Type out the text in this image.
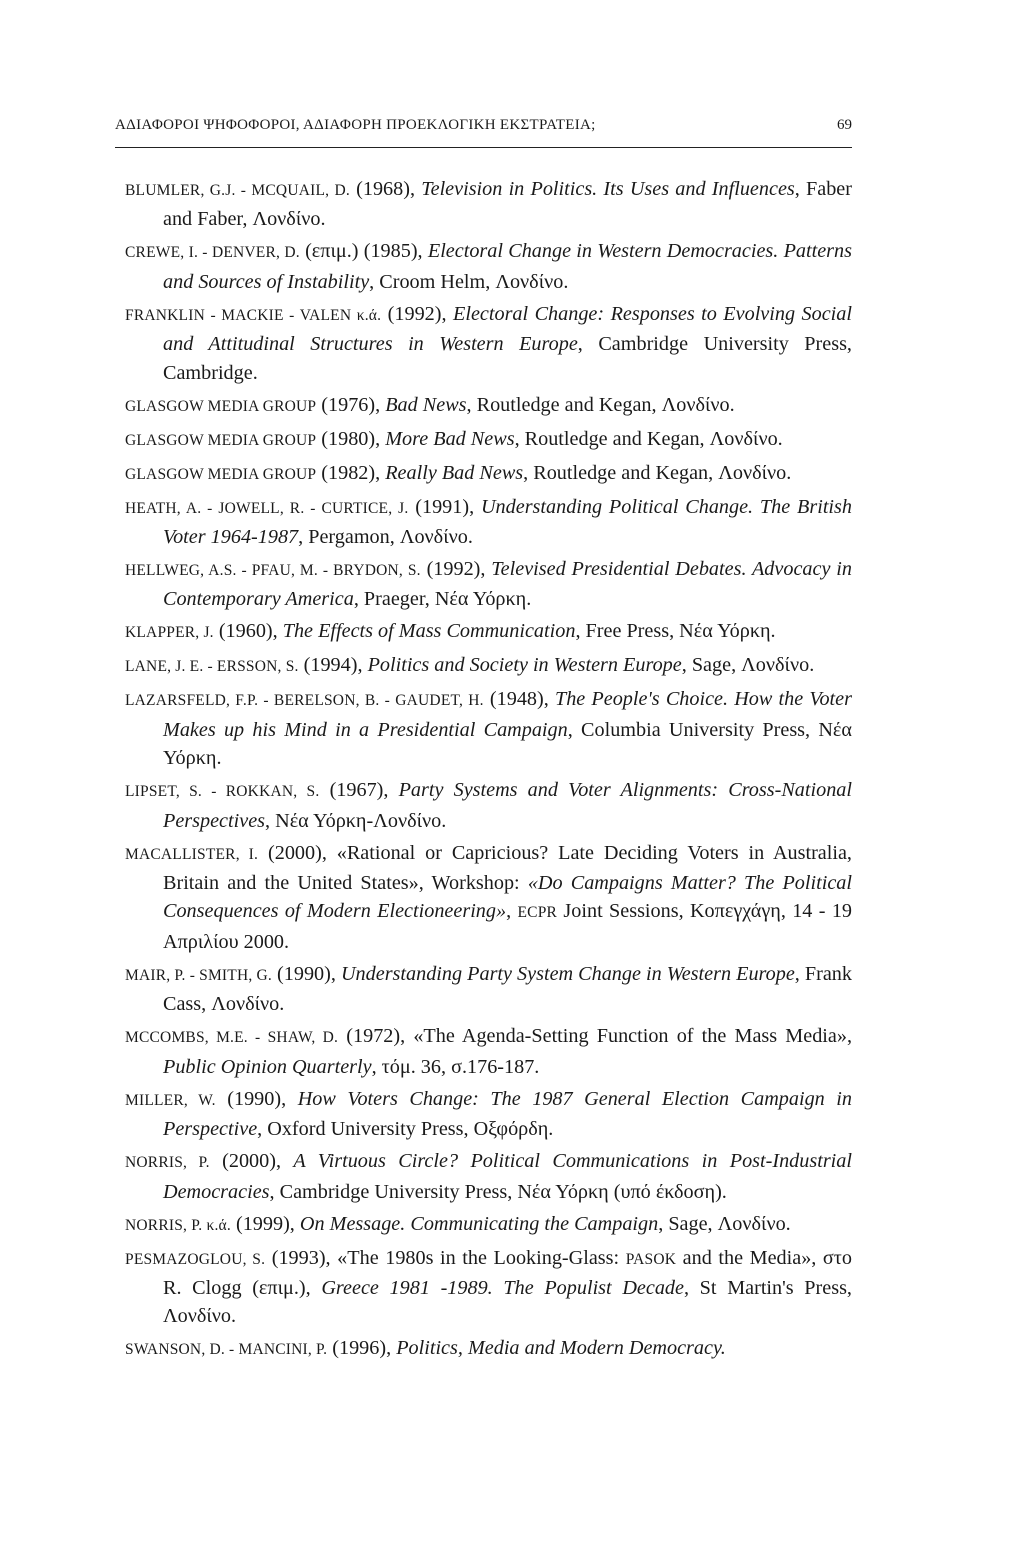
ΑΔΙΑΦΟΡΟΙ ΨΗΦΟΦΟΡΟΙ, ΑΔΙΑΦΟΡΗ ΠΡΟΕΚΛΟΓΙΚΗ ΕΚΣΤΡΑΤΕΙΑ;	69
BLUMLER, G.J. - MCQUAIL, D. (1968), Television in Politics. Its Uses and Influences, Faber and Faber, Λονδίνο.
CREWE, I. - DENVER, D. (επιμ.) (1985), Electoral Change in Western Democracies. Patterns and Sources of Instability, Croom Helm, Λονδίνο.
FRANKLIN - MACKIE - VALEN κ.ά. (1992), Electoral Change: Responses to Evolving Social and Attitudinal Structures in Western Europe, Cambridge University Press, Cambridge.
GLASGOW MEDIA GROUP (1976), Bad News, Routledge and Kegan, Λονδίνο.
GLASGOW MEDIA GROUP (1980), More Bad News, Routledge and Kegan, Λονδίνο.
GLASGOW MEDIA GROUP (1982), Really Bad News, Routledge and Kegan, Λονδίνο.
HEATH, A. - JOWELL, R. - CURTICE, J. (1991), Understanding Political Change. The British Voter 1964-1987, Pergamon, Λονδίνο.
HELLWEG, A.S. - PFAU, M. - BRYDON, S. (1992), Televised Presidential Debates. Advocacy in Contemporary America, Praeger, Νέα Υόρκη.
KLAPPER, J. (1960), The Effects of Mass Communication, Free Press, Νέα Υόρκη.
LANE, J. E. - ERSSON, S. (1994), Politics and Society in Western Europe, Sage, Λονδίνο.
LAZARSFELD, F.P. - BERELSON, B. - GAUDET, H. (1948), The People's Choice. How the Voter Makes up his Mind in a Presidential Campaign, Columbia University Press, Νέα Υόρκη.
LIPSET, S. - ROKKAN, S. (1967), Party Systems and Voter Alignments: Cross-National Perspectives, Νέα Υόρκη-Λονδίνο.
MACALLISTER, I. (2000), «Rational or Capricious? Late Deciding Voters in Australia, Britain and the United States», Workshop: «Do Campaigns Matter? The Political Consequences of Modern Electioneering», ECPR Joint Sessions, Κοπεγχάγη, 14 - 19 Απριλίου 2000.
MAIR, P. - SMITH, G. (1990), Understanding Party System Change in Western Europe, Frank Cass, Λονδίνο.
MCCOMBS, M.E. - SHAW, D. (1972), «The Agenda-Setting Function of the Mass Media», Public Opinion Quarterly, τόμ. 36, σ.176-187.
MILLER, W. (1990), How Voters Change: The 1987 General Election Campaign in Perspective, Oxford University Press, Οξφόρδη.
NORRIS, P. (2000), A Virtuous Circle? Political Communications in Post-Industrial Democracies, Cambridge University Press, Νέα Υόρκη (υπό έκδοση).
NORRIS, P. κ.ά. (1999), On Message. Communicating the Campaign, Sage, Λονδίνο.
PESMAZOGLOU, S. (1993), «The 1980s in the Looking-Glass: PASOK and the Media», στο R. Clogg (επιμ.), Greece 1981 -1989. The Populist Decade, St Martin's Press, Λονδίνο.
SWANSON, D. - MANCINI, P. (1996), Politics, Media and Modern Democracy.
